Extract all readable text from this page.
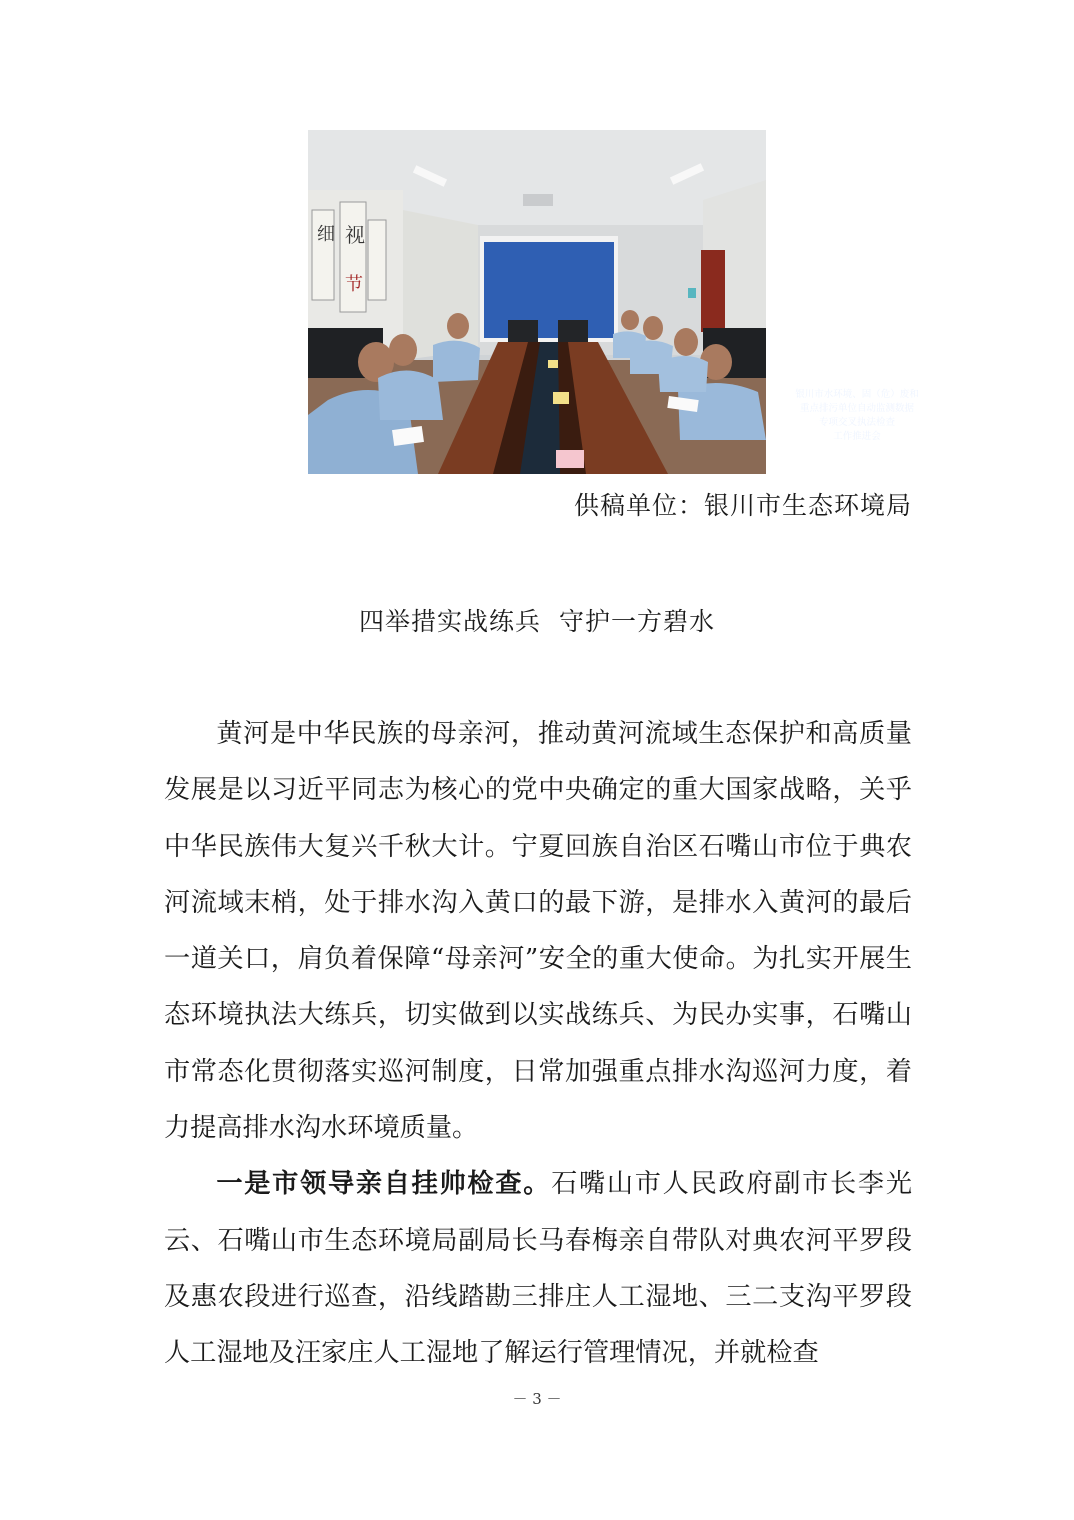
细 视
节
银川市水环境、固（危）废和
重点排污单位自动监测数据
专项交叉执法检查
工作推进会
供稿单位：银川市生态环境局
四举措实战练兵  守护一方碧水

黄河是中华民族的母亲河，推动黄河流域生态保护和高质量发展是以习近平同志为核心的党中央确定的重大国家战略，关乎中华民族伟大复兴千秋大计。宁夏回族自治区石嘴山市位于典农河流域末梢，处于排水沟入黄口的最下游，是排水入黄河的最后一道关口，肩负着保障“母亲河”安全的重大使命。为扎实开展生态环境执法大练兵，切实做到以实战练兵、为民办实事，石嘴山市常态化贯彻落实巡河制度，日常加强重点排水沟巡河力度，着力提高排水沟水环境质量。

一是市领导亲自挂帅检查。石嘴山市人民政府副市长李光云、石嘴山市生态环境局副局长马春梅亲自带队对典农河平罗段及惠农段进行巡查，沿线踏勘三排庄人工湿地、三二支沟平罗段人工湿地及汪家庄人工湿地了解运行管理情况，并就检查

－ 3 －
